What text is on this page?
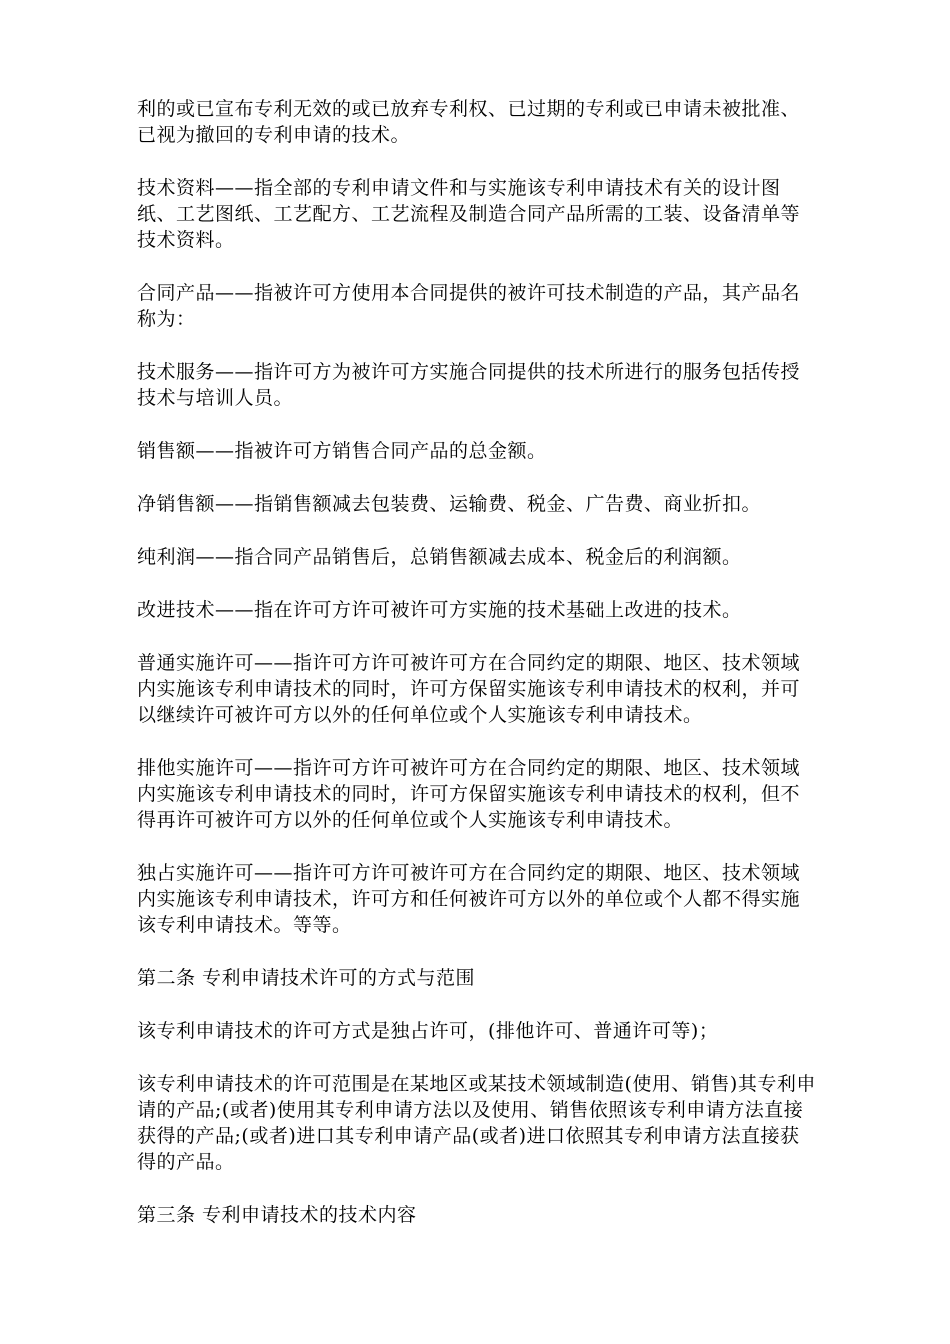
利的或已宣布专利无效的或已放弃专利权、已过期的专利或已申请未被批准、已视为撤回的专利申请的技术。

技术资料——指全部的专利申请文件和与实施该专利申请技术有关的设计图纸、工艺图纸、工艺配方、工艺流程及制造合同产品所需的工装、设备清单等技术资料。

合同产品——指被许可方使用本合同提供的被许可技术制造的产品，其产品名称为：

技术服务——指许可方为被许可方实施合同提供的技术所进行的服务包括传授技术与培训人员。

销售额——指被许可方销售合同产品的总金额。

净销售额——指销售额减去包装费、运输费、税金、广告费、商业折扣。

纯利润——指合同产品销售后，总销售额减去成本、税金后的利润额。

改进技术——指在许可方许可被许可方实施的技术基础上改进的技术。

普通实施许可——指许可方许可被许可方在合同约定的期限、地区、技术领域内实施该专利申请技术的同时，许可方保留实施该专利申请技术的权利，并可以继续许可被许可方以外的任何单位或个人实施该专利申请技术。

排他实施许可——指许可方许可被许可方在合同约定的期限、地区、技术领域内实施该专利申请技术的同时，许可方保留实施该专利申请技术的权利，但不得再许可被许可方以外的任何单位或个人实施该专利申请技术。

独占实施许可——指许可方许可被许可方在合同约定的期限、地区、技术领域内实施该专利申请技术，许可方和任何被许可方以外的单位或个人都不得实施该专利申请技术。等等。

第二条 专利申请技术许可的方式与范围

该专利申请技术的许可方式是独占许可，(排他许可、普通许可等)；

该专利申请技术的许可范围是在某地区或某技术领域制造(使用、销售)其专利申请的产品;(或者)使用其专利申请方法以及使用、销售依照该专利申请方法直接获得的产品;(或者)进口其专利申请产品(或者)进口依照其专利申请方法直接获得的产品。

第三条 专利申请技术的技术内容
